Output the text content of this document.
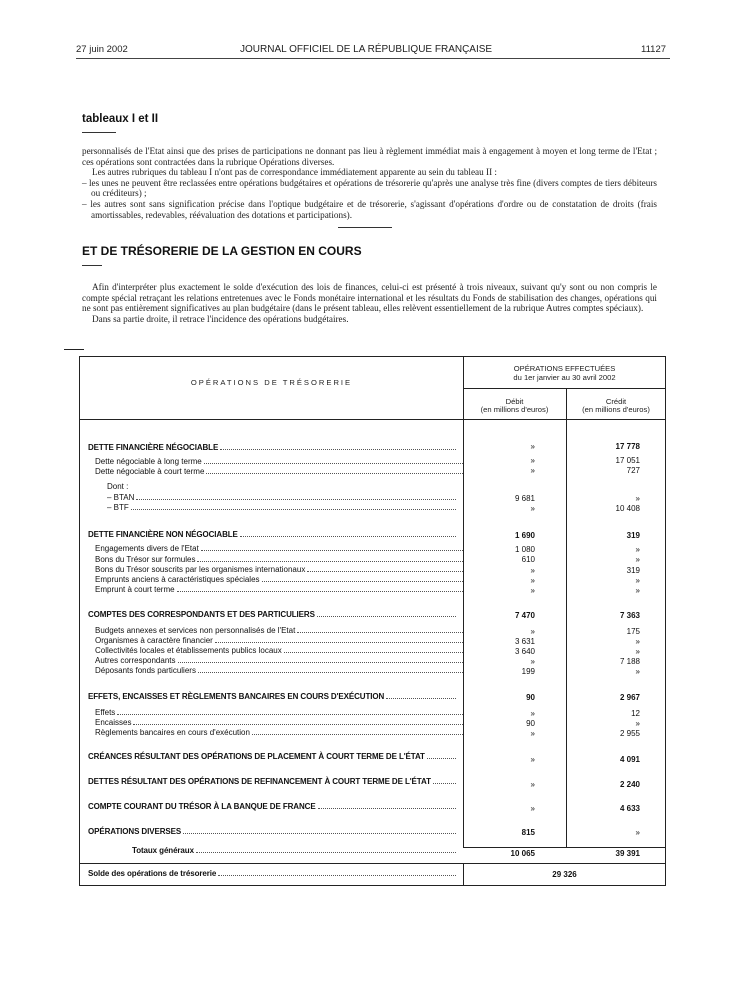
27 juin 2002	JOURNAL OFFICIEL DE LA RÉPUBLIQUE FRANÇAISE	11127
tableaux I et II

personnalisés de l'Etat ainsi que des prises de participations ne donnant pas lieu à règlement immédiat mais à engagement à moyen et long terme de l'Etat ; ces opérations sont contractées dans la rubrique Opérations diverses.

Les autres rubriques du tableau I n'ont pas de correspondance immédiatement apparente au sein du tableau II :

– les unes ne peuvent être reclassées entre opérations budgétaires et opérations de trésorerie qu'après une analyse très fine (divers comptes de tiers débiteurs ou créditeurs) ;

– les autres sont sans signification précise dans l'optique budgétaire et de trésorerie, s'agissant d'opérations d'ordre ou de constatation de droits (frais amortissables, redevables, réévaluation des dotations et participations).

ET DE TRÉSORERIE DE LA GESTION EN COURS

Afin d'interpréter plus exactement le solde d'exécution des lois de finances, celui-ci est présenté à trois niveaux, suivant qu'y sont ou non compris le compte spécial retraçant les relations entretenues avec le Fonds monétaire international et les résultats du Fonds de stabilisation des changes, opérations qui ne sont pas entièrement significatives au plan budgétaire (dans le présent tableau, elles relèvent essentiellement de la rubrique Autres comptes spéciaux).

Dans sa partie droite, il retrace l'incidence des opérations budgétaires.

OPÉRATIONS DE TRÉSORERIE
OPÉRATIONS EFFECTUÉES
du 1er janvier au 30 avril 2002
Débit
(en millions d'euros)
Crédit
(en millions d'euros)
DETTE FINANCIÈRE NÉGOCIABLE	»	17 778
Dette négociable à long terme	»	17 051
Dette négociable à court terme	»	727
Dont :
– BTAN	9 681	»
– BTF	»	10 408
DETTE FINANCIÈRE NON NÉGOCIABLE	1 690	319
Engagements divers de l'Etat	1 080	»
Bons du Trésor sur formules	610	»
Bons du Trésor souscrits par les organismes internationaux	»	319
Emprunts anciens à caractéristiques spéciales	»	»
Emprunt à court terme	»	»
COMPTES DES CORRESPONDANTS ET DES PARTICULIERS	7 470	7 363
Budgets annexes et services non personnalisés de l'Etat	»	175
Organismes à caractère financier	3 631	»
Collectivités locales et établissements publics locaux	3 640	»
Autres correspondants	»	7 188
Déposants fonds particuliers	199	»
EFFETS, ENCAISSES ET RÈGLEMENTS BANCAIRES EN COURS D'EXÉCUTION	90	2 967
Effets	»	12
Encaisses	90	»
Règlements bancaires en cours d'exécution	»	2 955
CRÉANCES RÉSULTANT DES OPÉRATIONS DE PLACEMENT À COURT TERME DE L'ÉTAT	»	4 091
DETTES RÉSULTANT DES OPÉRATIONS DE REFINANCEMENT À COURT TERME DE L'ÉTAT	»	2 240
COMPTE COURANT DU TRÉSOR À LA BANQUE DE FRANCE	»	4 633
OPÉRATIONS DIVERSES	815	»
Totaux généraux	10 065	39 391
Solde des opérations de trésorerie	29 326
